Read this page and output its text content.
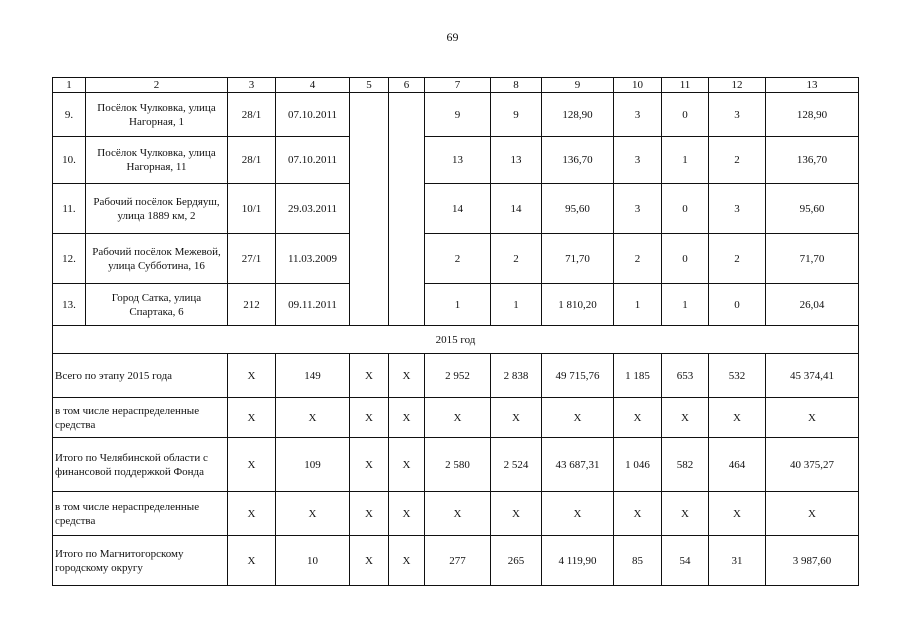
69
1	2	3	4	5	6	7	8	9	10	11	12	13
9.	Посёлок Чулковка, улица Нагорная, 1	28/1	07.10.2011			9	9	128,90	3	0	3	128,90
10.	Посёлок Чулковка, улица Нагорная, 11	28/1	07.10.2011			13	13	136,70	3	1	2	136,70
11.	Рабочий посёлок Бердяуш, улица 1889 км, 2	10/1	29.03.2011			14	14	95,60	3	0	3	95,60
12.	Рабочий посёлок Межевой, улица Субботина, 16	27/1	11.03.2009			2	2	71,70	2	0	2	71,70
13.	Город Сатка, улица Спартака, 6	212	09.11.2011			1	1	1 810,20	1	1	0	26,04
2015 год												
Всего по этапу 2015 года		Х	149	Х	Х	2 952	2 838	49 715,76	1 185	653	532	45 374,41
в том числе нераспределенные средства		Х	Х	Х	Х	Х	Х	Х	Х	Х	Х	Х
Итого по Челябинской области с финансовой поддержкой Фонда		Х	109	Х	Х	2 580	2 524	43 687,31	1 046	582	464	40 375,27
в том числе нераспределенные средства		Х	Х	Х	Х	Х	Х	Х	Х	Х	Х	Х
Итого по Магнитогорскому городскому округу		Х	10	Х	Х	277	265	4 119,90	85	54	31	3 987,60
